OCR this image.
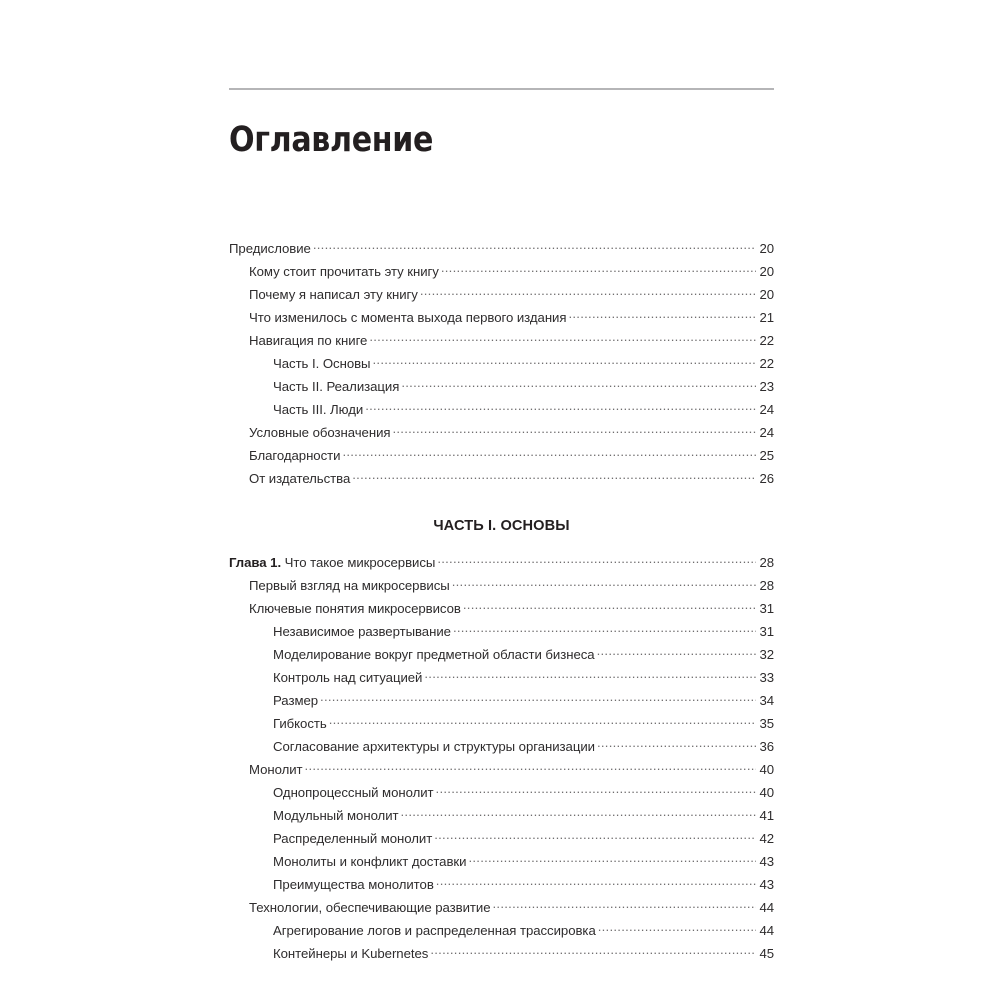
Оглавление
Предисловие .....	20
Кому стоит прочитать эту книгу .....	20
Почему я написал эту книгу .....	20
Что изменилось с момента выхода первого издания .....	21
Навигация по книге .....	22
Часть I. Основы .....	22
Часть II. Реализация .....	23
Часть III. Люди .....	24
Условные обозначения .....	24
Благодарности .....	25
От издательства .....	26
ЧАСТЬ I. ОСНОВЫ
Глава 1. Что такое микросервисы .....	28
Первый взгляд на микросервисы .....	28
Ключевые понятия микросервисов .....	31
Независимое развертывание .....	31
Моделирование вокруг предметной области бизнеса .....	32
Контроль над ситуацией .....	33
Размер .....	34
Гибкость .....	35
Согласование архитектуры и структуры организации .....	36
Монолит .....	40
Однопроцессный монолит .....	40
Модульный монолит .....	41
Распределенный монолит .....	42
Монолиты и конфликт доставки .....	43
Преимущества монолитов .....	43
Технологии, обеспечивающие развитие .....	44
Агрегирование логов и распределенная трассировка .....	44
Контейнеры и Kubernetes .....	45
